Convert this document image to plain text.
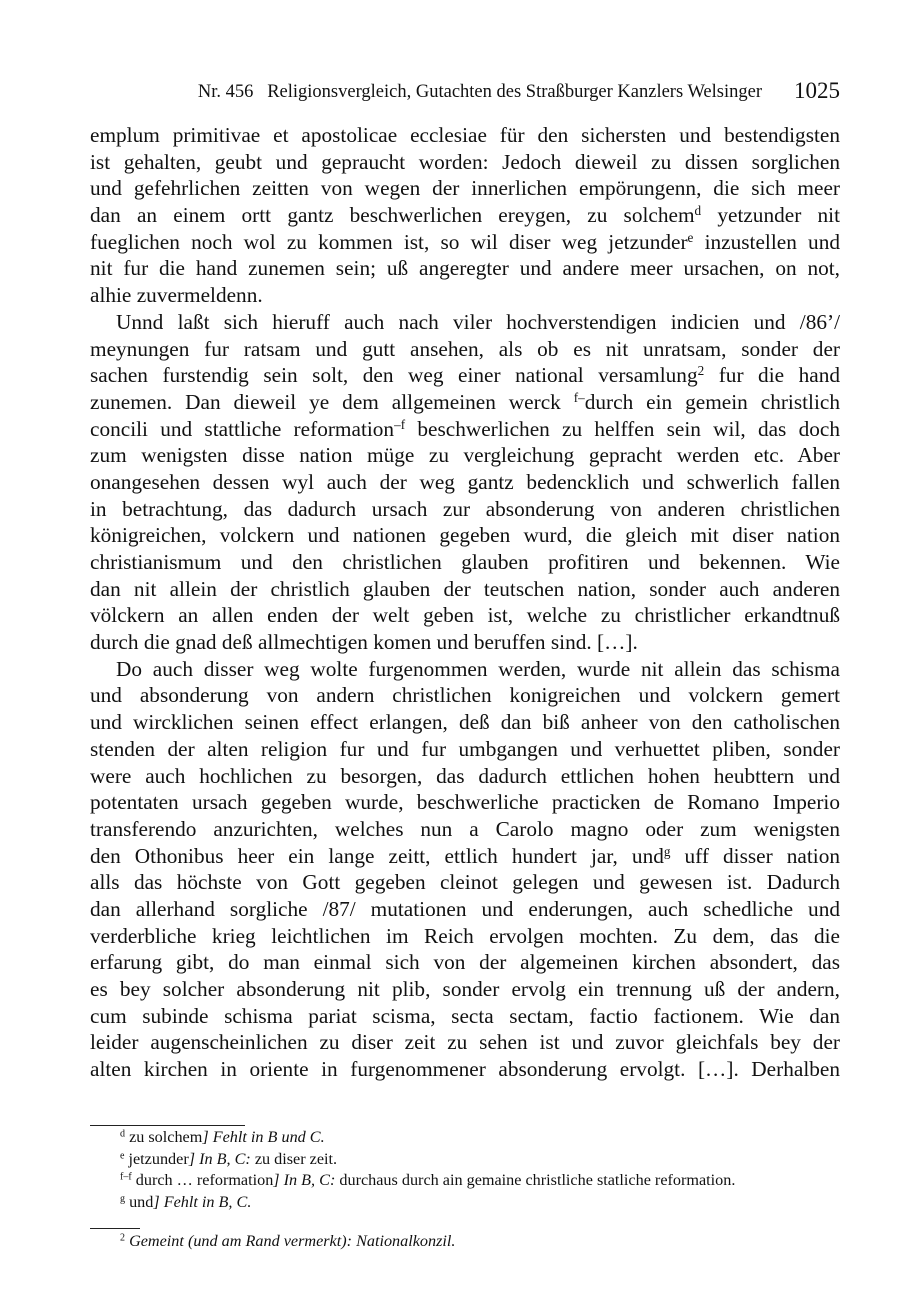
Nr. 456   Religionsvergleich, Gutachten des Straßburger Kanzlers Welsinger 1025
emplum primitivae et apostolicae ecclesiae für den sichersten und bestendigsten
ist gehalten, geubt und gepraucht worden: Jedoch dieweil zu dissen sorglichen
und gefehrlichen zeitten von wegen der innerlichen empörungenn, die sich meer
dan an einem ortt gantz beschwerlichen ereygen, zu solchem$^d$ yetzunder nit
fueglichen noch wol zu kommen ist, so wil diser weg jetzunder$^e$ inzustellen und
nit fur die hand zunemen sein; uß angeregter und andere meer ursachen, on not,
alhie zuvermeldenn.
Unnd laßt sich hieruff auch nach viler hochverstendigen indicien und /86’/
meynungen fur ratsam und gutt ansehen, als ob es nit unratsam, sonder der
sachen furstendig sein solt, den weg einer national versamlung$^2$ fur die hand
zunemen. Dan dieweil ye dem allgemeinen werck $^{f-}$durch ein gemein christlich
concili und stattliche reformation$^{-f}$ beschwerlichen zu helffen sein wil, das doch
zum wenigsten disse nation müge zu vergleichung gepracht werden etc. Aber
onangesehen dessen wyl auch der weg gantz bedencklich und schwerlich fallen
in betrachtung, das dadurch ursach zur absonderung von anderen christlichen
königreichen, volckern und nationen gegeben wurd, die gleich mit diser nation
christianismum und den christlichen glauben profitiren und bekennen. Wie
dan nit allein der christlich glauben der teutschen nation, sonder auch anderen
völckern an allen enden der welt geben ist, welche zu christlicher erkandtnuß
durch die gnad deß allmechtigen komen und beruffen sind. […].
Do auch disser weg wolte furgenommen werden, wurde nit allein das schisma
und absonderung von andern christlichen konigreichen und volckern gemert
und wircklichen seinen effect erlangen, deß dan biß anheer von den catholischen
stenden der alten religion fur und fur umbgangen und verhuettet pliben, sonder
were auch hochlichen zu besorgen, das dadurch ettlichen hohen heubttern und
potentaten ursach gegeben wurde, beschwerliche practicken de Romano Imperio
transferendo anzurichten, welches nun a Carolo magno oder zum wenigsten
den Othonibus heer ein lange zeitt, ettlich hundert jar, und$^g$ uff disser nation
alls das höchste von Gott gegeben cleinot gelegen und gewesen ist. Dadurch
dan allerhand sorgliche /87/ mutationen und enderungen, auch schedliche und
verderbliche krieg leichtlichen im Reich ervolgen mochten. Zu dem, das die
erfarung gibt, do man einmal sich von der algemeinen kirchen absondert, das
es bey solcher absonderung nit plib, sonder ervolg ein trennung uß der andern,
cum subinde schisma pariat scisma, secta sectam, factio factionem. Wie dan
leider augenscheinlichen zu diser zeit zu sehen ist und zuvor gleichfals bey der
alten kirchen in oriente in furgenommener absonderung ervolgt. […]. Derhalben
$^d$ zu solchem] Fehlt in B und C.
$^e$ jetzunder] In B, C: zu diser zeit.
$^{f-f}$ durch … reformation] In B, C: durchaus durch ain gemaine christliche statliche reformation.
$^g$ und] Fehlt in B, C.
$^2$ Gemeint (und am Rand vermerkt): Nationalkonzil.
